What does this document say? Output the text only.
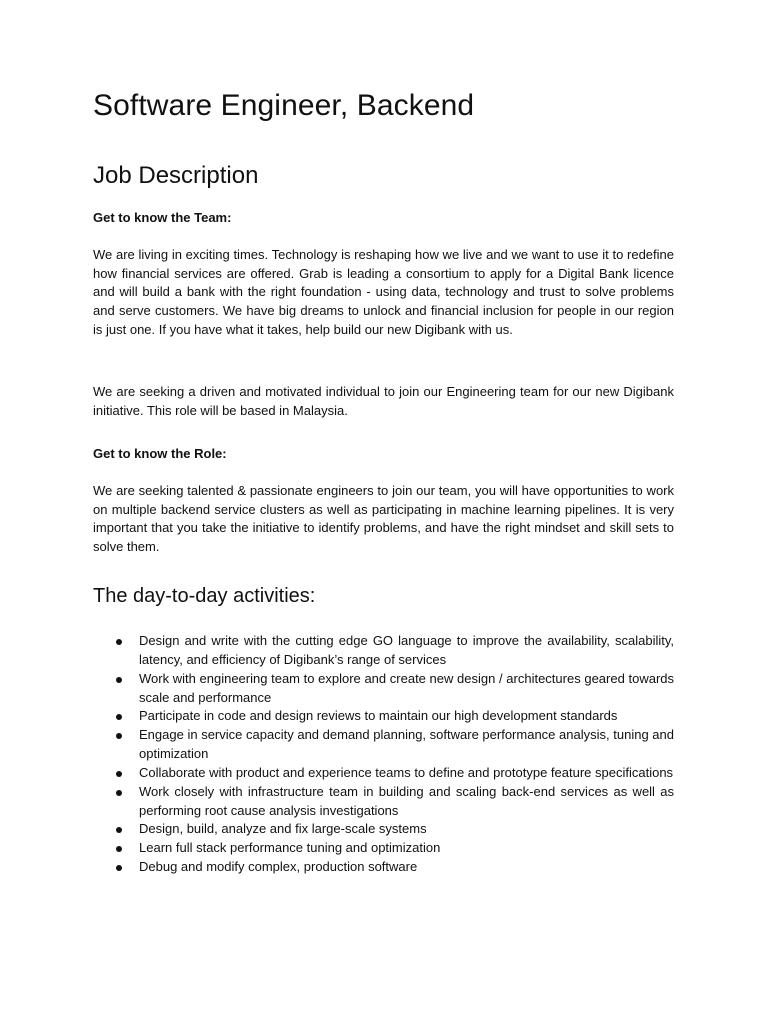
Software Engineer, Backend
Job Description

Get to know the Team:

We are living in exciting times. Technology is reshaping how we live and we want to use it to redefine how financial services are offered. Grab is leading a consortium to apply for a Digital Bank licence and will build a bank with the right foundation - using data, technology and trust to solve problems and serve customers. We have big dreams to unlock and financial inclusion for people in our region is just one. If you have what it takes, help build our new Digibank with us.

We are seeking a driven and motivated individual to join our Engineering team for our new Digibank initiative. This role will be based in Malaysia.

Get to know the Role:

We are seeking talented & passionate engineers to join our team, you will have opportunities to work on multiple backend service clusters as well as participating in machine learning pipelines. It is very important that you take the initiative to identify problems, and have the right mindset and skill sets to solve them.

The day-to-day activities:
Design and write with the cutting edge GO language to improve the availability, scalability, latency, and efficiency of Digibank’s range of services
Work with engineering team to explore and create new design / architectures geared towards scale and performance
Participate in code and design reviews to maintain our high development standards
Engage in service capacity and demand planning, software performance analysis, tuning and optimization
Collaborate with product and experience teams to define and prototype feature specifications
Work closely with infrastructure team in building and scaling back-end services as well as performing root cause analysis investigations
Design, build, analyze and fix large-scale systems
Learn full stack performance tuning and optimization
Debug and modify complex, production software
